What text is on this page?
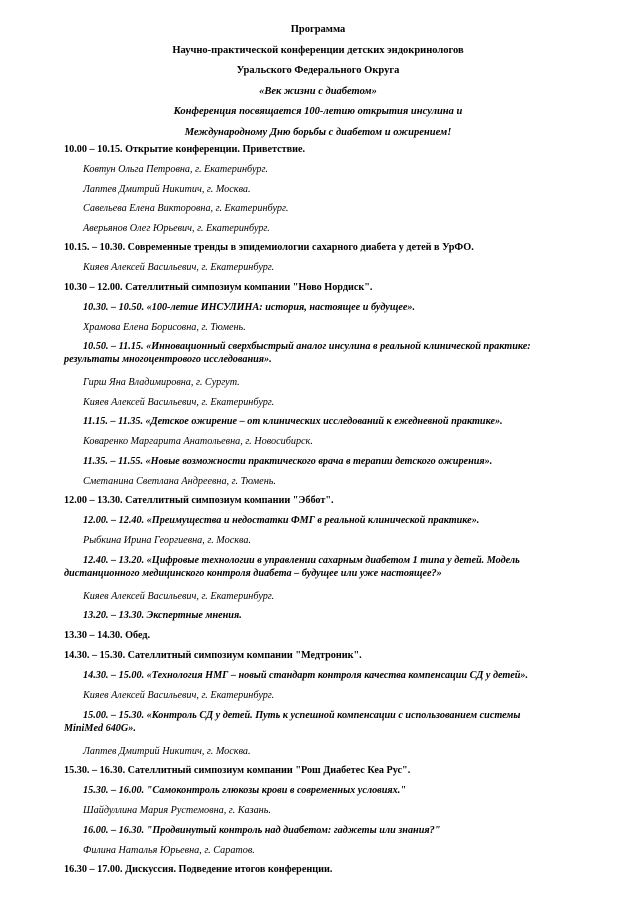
Программа
Научно-практической конференции детских эндокринологов
Уральского Федерального Округа
«Век жизни с диабетом»
Конференция посвящается 100-летию открытия инсулина и
Международному Дню борьбы с диабетом и ожирением!
10.00 – 10.15. Открытие конференции. Приветствие.
Ковтун Ольга Петровна, г. Екатеринбург.
Лаптев Дмитрий Никитич, г. Москва.
Савельева Елена Викторовна, г. Екатеринбург.
Аверьянов Олег Юрьевич, г. Екатеринбург.
10.15. – 10.30. Современные тренды в эпидемиологии сахарного диабета у детей в УрФО.
Кияев Алексей Васильевич, г. Екатеринбург.
10.30 – 12.00. Сателлитный симпозиум компании "Ново Нордиск".
10.30. – 10.50. «100-летие ИНСУЛИНА: история, настоящее и будущее».
Храмова Елена Борисовна, г. Тюмень.
10.50. – 11.15. «Инновационный сверхбыстрый аналог инсулина в реальной клинической практике:
результаты многоцентрового исследования».
Гирш Яна Владимировна, г. Сургут.
Кияев Алексей Васильевич, г. Екатеринбург.
11.15. – 11.35. «Детское ожирение – от клинических исследований к ежедневной практике».
Коваренко Маргарита Анатольевна, г. Новосибирск.
11.35. – 11.55. «Новые возможности практического врача в терапии детского ожирения».
Сметанина Светлана Андреевна, г. Тюмень.
12.00 – 13.30. Сателлитный симпозиум компании "Эббот".
12.00. – 12.40. «Преимущества и недостатки ФМГ в реальной клинической практике».
Рыбкина Ирина Георгиевна, г. Москва.
12.40. – 13.20. «Цифровые технологии в управлении сахарным диабетом 1 типа у детей. Модель
дистанционного медицинского контроля диабета – будущее или уже настоящее?»
Кияев Алексей Васильевич, г. Екатеринбург.
13.20. – 13.30. Экспертные мнения.
13.30 – 14.30. Обед.
14.30. – 15.30. Сателлитный симпозиум компании "Медтроник".
14.30. – 15.00. «Технология НМГ – новый стандарт контроля качества компенсации СД у детей».
Кияев Алексей Васильевич, г. Екатеринбург.
15.00. – 15.30. «Контроль СД у детей. Путь к успешной компенсации с использованием системы
MiniMed 640G».
Лаптев Дмитрий Никитич, г. Москва.
15.30. – 16.30. Сателлитный симпозиум компании "Рош Диабетес Кеа Рус".
15.30. – 16.00. "Самоконтроль глюкозы крови в современных условиях."
Шайдуллина Мария Рустемовна, г. Казань.
16.00. – 16.30. "Продвинутый контроль над диабетом: гаджеты или знания?"
Филина Наталья Юрьевна, г. Саратов.
16.30 – 17.00. Дискуссия. Подведение итогов конференции.
